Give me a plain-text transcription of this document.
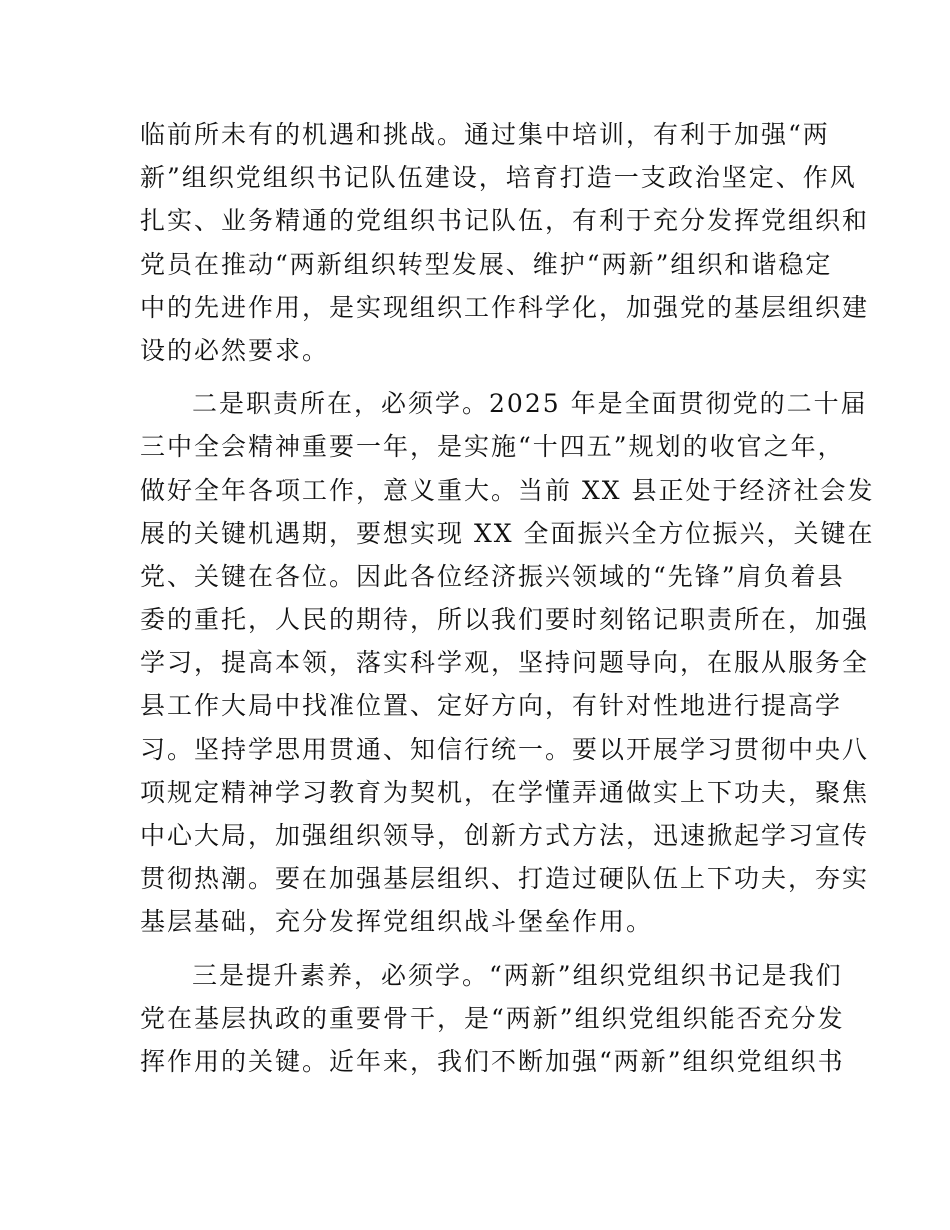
临前所未有的机遇和挑战。通过集中培训，有利于加强“两
新”组织党组织书记队伍建设，培育打造一支政治坚定、作风
扎实、业务精通的党组织书记队伍，有利于充分发挥党组织和
党员在推动“两新组织转型发展、维护“两新”组织和谐稳定
中的先进作用，是实现组织工作科学化，加强党的基层组织建
设的必然要求。
二是职责所在，必须学。2025 年是全面贯彻党的二十届
三中全会精神重要一年，是实施“十四五”规划的收官之年，
做好全年各项工作，意义重大。当前 XX 县正处于经济社会发
展的关键机遇期，要想实现 XX 全面振兴全方位振兴，关键在
党、关键在各位。因此各位经济振兴领域的“先锋”肩负着县
委的重托，人民的期待，所以我们要时刻铭记职责所在，加强
学习，提高本领，落实科学观，坚持问题导向，在服从服务全
县工作大局中找准位置、定好方向，有针对性地进行提高学
习。坚持学思用贯通、知信行统一。要以开展学习贯彻中央八
项规定精神学习教育为契机，在学懂弄通做实上下功夫，聚焦
中心大局，加强组织领导，创新方式方法，迅速掀起学习宣传
贯彻热潮。要在加强基层组织、打造过硬队伍上下功夫，夯实
基层基础，充分发挥党组织战斗堡垒作用。
三是提升素养，必须学。“两新”组织党组织书记是我们
党在基层执政的重要骨干，是“两新”组织党组织能否充分发
挥作用的关键。近年来，我们不断加强“两新”组织党组织书
